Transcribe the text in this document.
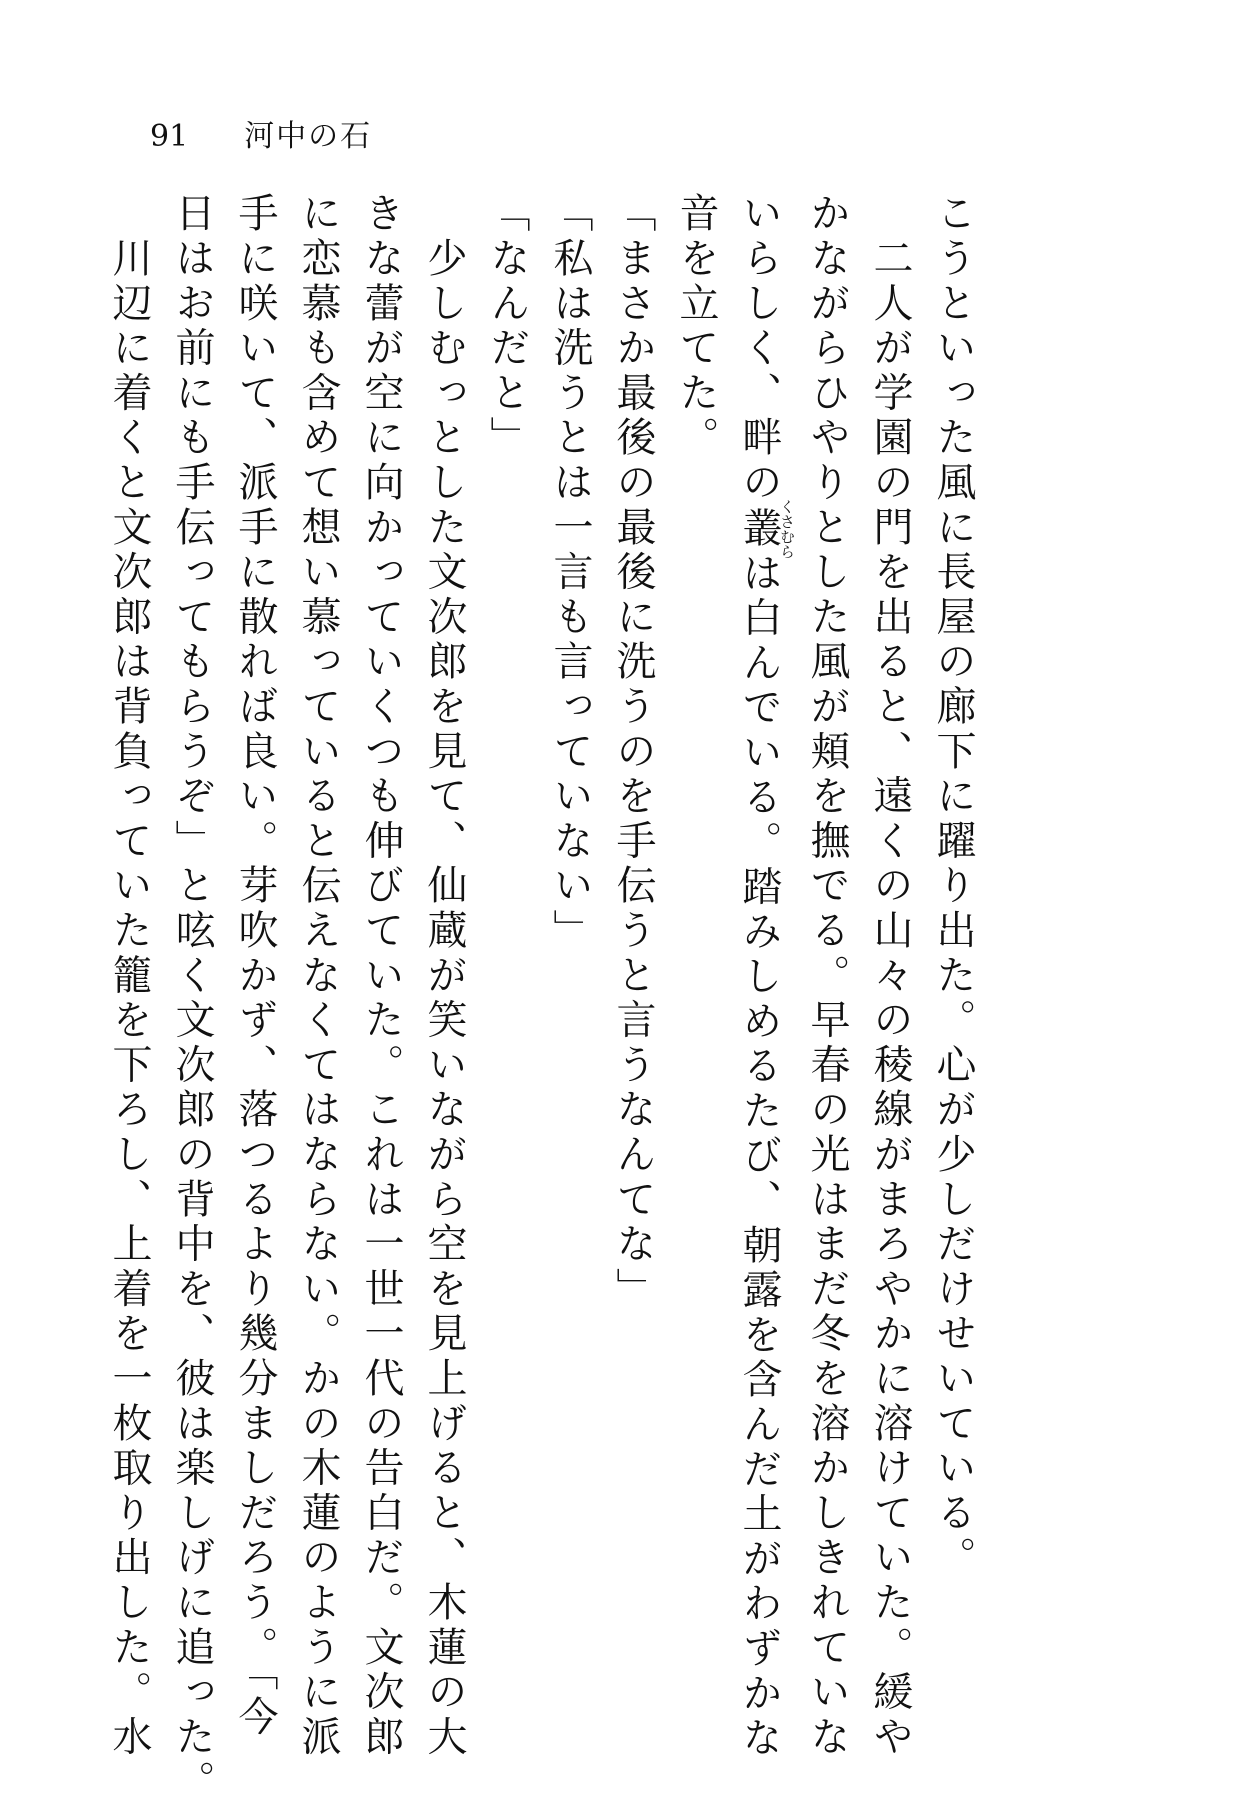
91 河中の石

こうといった風に長屋の廊下に躍り出た。心が少しだけせいている。

　二人が学園の門を出ると、遠くの山々の稜線がまろやかに溶けていた。緩や

かながらひやりとした風が頬を撫でる。早春の光はまだ冬を溶かしきれていな

いらしく、畔の叢くさむらは白んでいる。踏みしめるたび、朝露を含んだ土がわずかな

音を立てた。

「まさか最後の最後に洗うのを手伝うと言うなんてな」

「私は洗うとは一言も言っていない」

「なんだと」

　少しむっとした文次郎を見て、仙蔵が笑いながら空を見上げると、木蓮の大

きな蕾が空に向かっていくつも伸びていた。これは一世一代の告白だ。文次郎

に恋慕も含めて想い慕っていると伝えなくてはならない。かの木蓮のように派

手に咲いて、派手に散れば良い。芽吹かず、落つるより幾分ましだろう。「今

日はお前にも手伝ってもらうぞ」と呟く文次郎の背中を、彼は楽しげに追った。

　川辺に着くと文次郎は背負っていた籠を下ろし、上着を一枚取り出した。水
